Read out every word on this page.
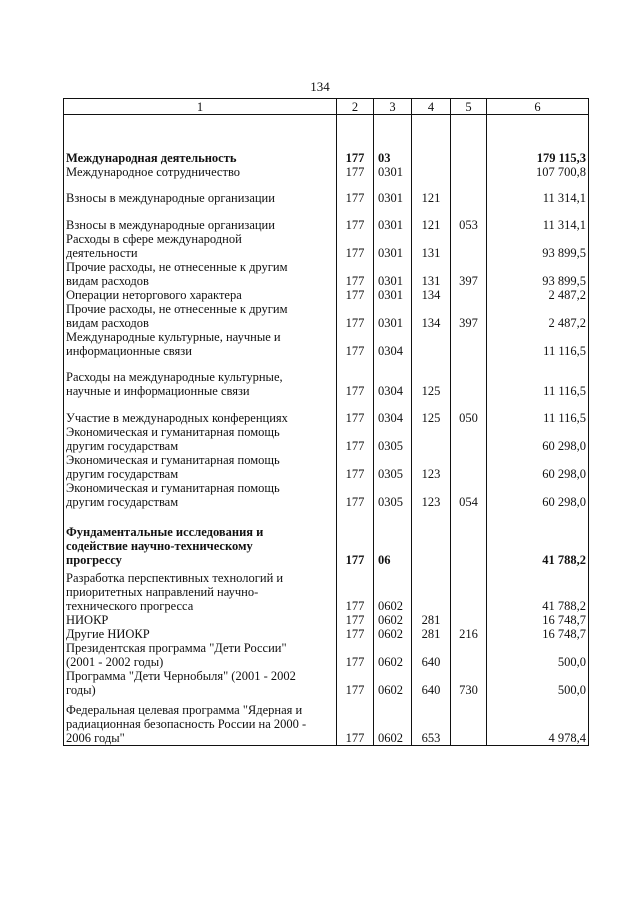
134
1	2	3	4	5	6
Международная деятельность	177	03			179 115,3
Международное сотрудничество	177	0301			107 700,8
Взносы в международные организации	177	0301	121		11 314,1
Взносы в международные организации	177	0301	121	053	11 314,1
Расходы в сфере международной
деятельности	177	0301	131		93 899,5
Прочие расходы, не отнесенные к другим
видам расходов	177	0301	131	397	93 899,5
Операции неторгового характера	177	0301	134		2 487,2
Прочие расходы, не отнесенные к другим
видам расходов	177	0301	134	397	2 487,2
Международные культурные, научные и
информационные связи	177	0304			11 116,5
Расходы на международные культурные,
научные и информационные связи	177	0304	125		11 116,5
Участие в международных конференциях	177	0304	125	050	11 116,5
Экономическая и гуманитарная помощь
другим государствам	177	0305			60 298,0
Экономическая и гуманитарная помощь
другим государствам	177	0305	123		60 298,0
Экономическая и гуманитарная помощь
другим государствам	177	0305	123	054	60 298,0
Фундаментальные исследования и
содействие научно-техническому
прогрессу	177	06			41 788,2
Разработка перспективных технологий и
приоритетных направлений научно-
технического прогресса	177	0602			41 788,2
НИОКР	177	0602	281		16 748,7
Другие НИОКР	177	0602	281	216	16 748,7
Президентская программа "Дети России"
(2001 - 2002 годы)	177	0602	640		500,0
Программа "Дети Чернобыля" (2001 - 2002
годы)	177	0602	640	730	500,0
Федеральная целевая программа "Ядерная и
радиационная безопасность России на 2000 -
2006 годы"	177	0602	653		4 978,4
